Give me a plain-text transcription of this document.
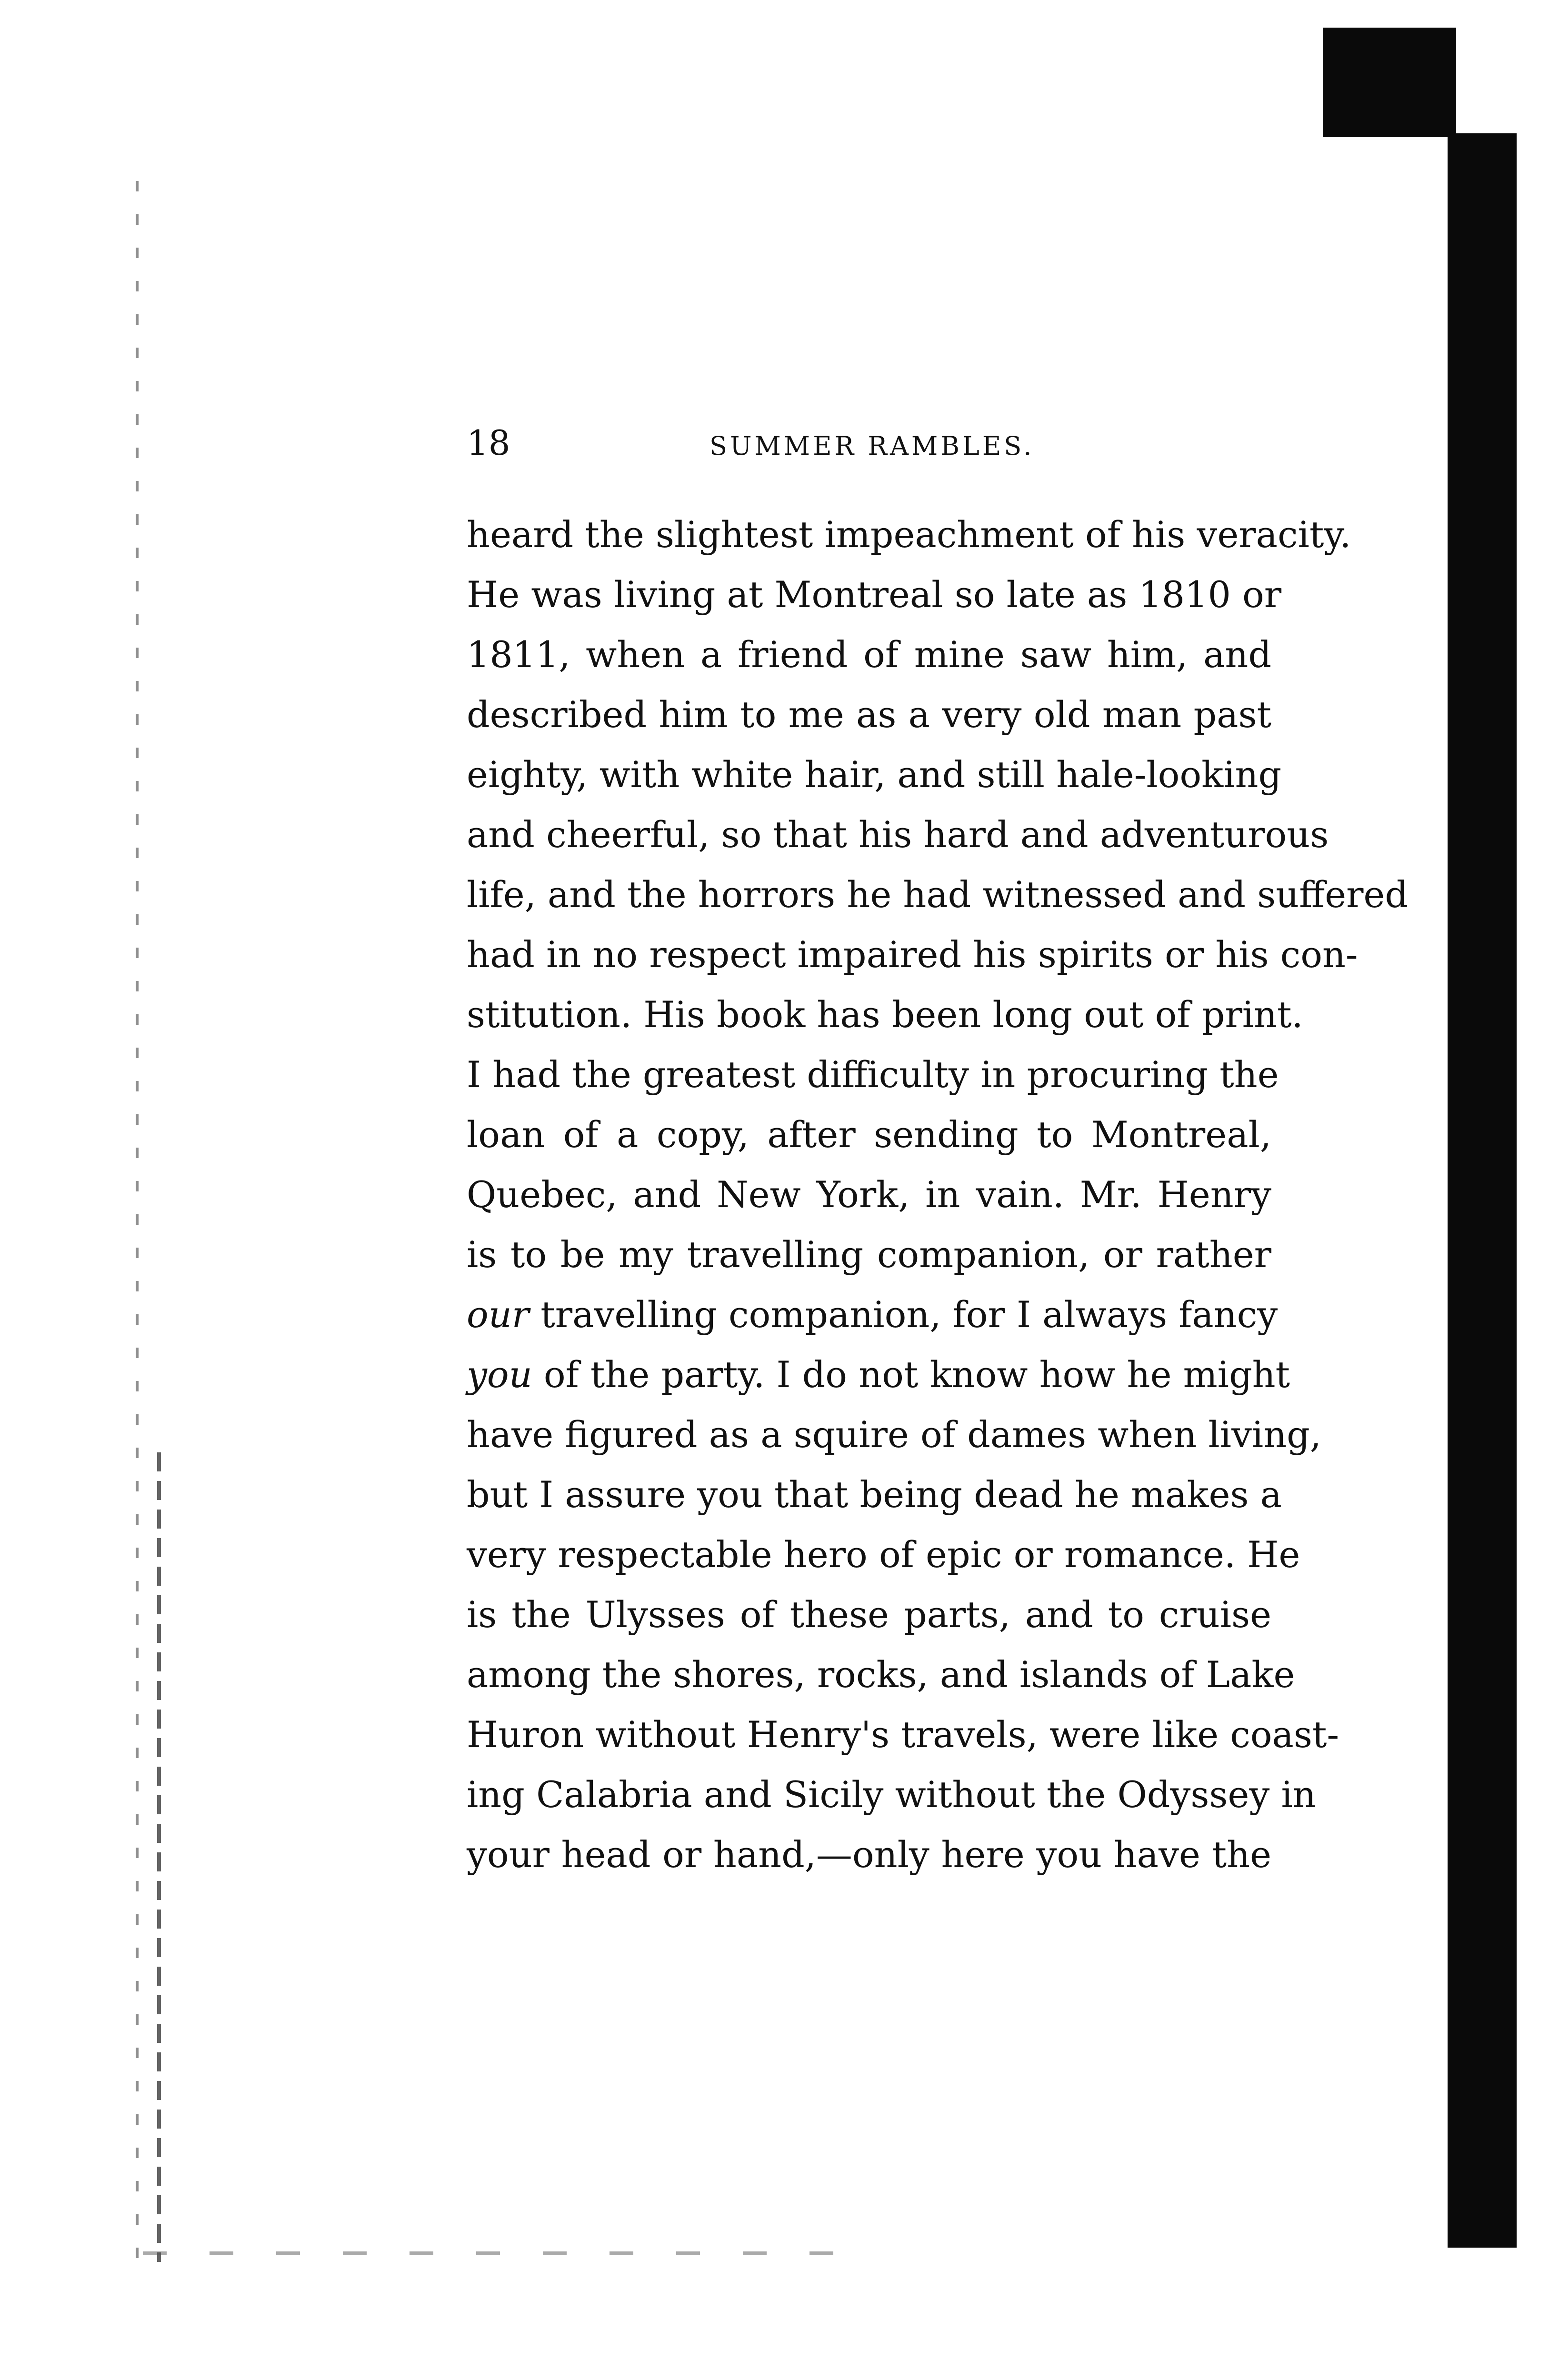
18	SUMMER RAMBLES.
heard the slightest impeachment of his veracity.
He was living at Montreal so late as 1810 or
1811, when a friend of mine saw him, and
described him to me as a very old man past
eighty, with white hair, and still hale-looking
and cheerful, so that his hard and adventurous
life, and the horrors he had witnessed and suffered
had in no respect impaired his spirits or his con-
stitution. His book has been long out of print.
I had the greatest difficulty in procuring the
loan of a copy, after sending to Montreal,
Quebec, and New York, in vain. Mr. Henry
is to be my travelling companion, or rather
our travelling companion, for I always fancy
you of the party. I do not know how he might
have figured as a squire of dames when living,
but I assure you that being dead he makes a
very respectable hero of epic or romance. He
is the Ulysses of these parts, and to cruise
among the shores, rocks, and islands of Lake
Huron without Henry's travels, were like coast-
ing Calabria and Sicily without the Odyssey in
your head or hand,—only here you have the
